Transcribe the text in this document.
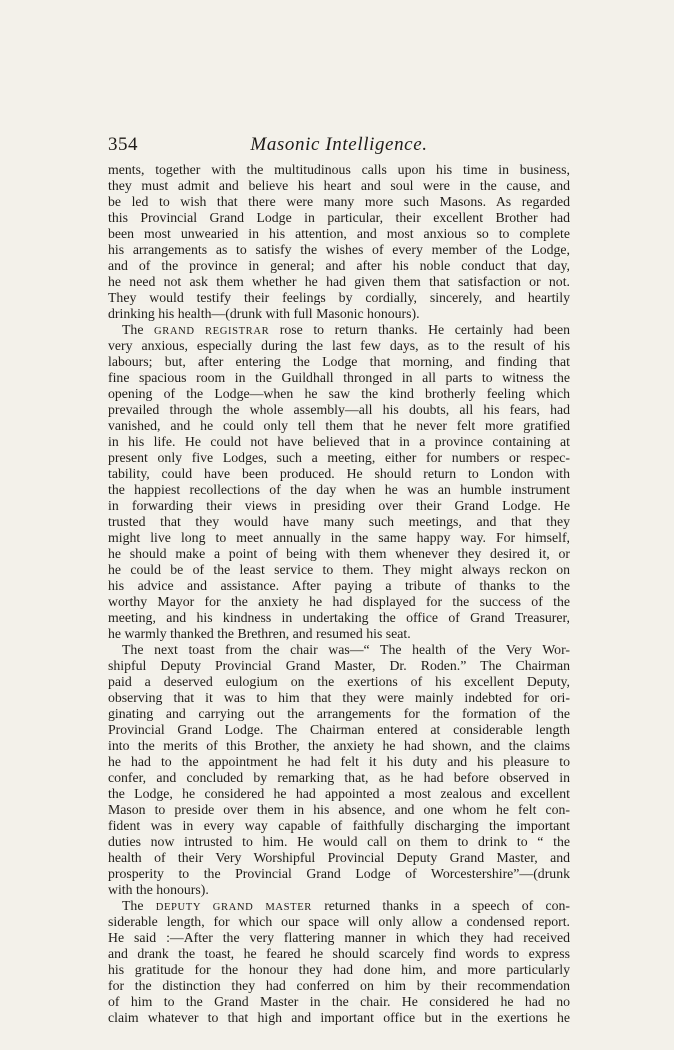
354	Masonic Intelligence.
ments, together with the multitudinous calls upon his time in business,
they must admit and believe his heart and soul were in the cause, and
be led to wish that there were many more such Masons. As regarded
this Provincial Grand Lodge in particular, their excellent Brother had
been most unwearied in his attention, and most anxious so to complete
his arrangements as to satisfy the wishes of every member of the Lodge,
and of the province in general; and after his noble conduct that day,
he need not ask them whether he had given them that satisfaction or not.
They would testify their feelings by cordially, sincerely, and heartily
drinking his health—(drunk with full Masonic honours).
The GRAND REGISTRAR rose to return thanks. He certainly had been
very anxious, especially during the last few days, as to the result of his
labours; but, after entering the Lodge that morning, and finding that
fine spacious room in the Guildhall thronged in all parts to witness the
opening of the Lodge—when he saw the kind brotherly feeling which
prevailed through the whole assembly—all his doubts, all his fears, had
vanished, and he could only tell them that he never felt more gratified
in his life. He could not have believed that in a province containing at
present only five Lodges, such a meeting, either for numbers or respec-
tability, could have been produced. He should return to London with
the happiest recollections of the day when he was an humble instrument
in forwarding their views in presiding over their Grand Lodge. He
trusted that they would have many such meetings, and that they
might live long to meet annually in the same happy way. For himself,
he should make a point of being with them whenever they desired it, or
he could be of the least service to them. They might always reckon on
his advice and assistance. After paying a tribute of thanks to the
worthy Mayor for the anxiety he had displayed for the success of the
meeting, and his kindness in undertaking the office of Grand Treasurer,
he warmly thanked the Brethren, and resumed his seat.
The next toast from the chair was—“ The health of the Very Wor-
shipful Deputy Provincial Grand Master, Dr. Roden.” The Chairman
paid a deserved eulogium on the exertions of his excellent Deputy,
observing that it was to him that they were mainly indebted for ori-
ginating and carrying out the arrangements for the formation of the
Provincial Grand Lodge. The Chairman entered at considerable length
into the merits of this Brother, the anxiety he had shown, and the claims
he had to the appointment he had felt it his duty and his pleasure to
confer, and concluded by remarking that, as he had before observed in
the Lodge, he considered he had appointed a most zealous and excellent
Mason to preside over them in his absence, and one whom he felt con-
fident was in every way capable of faithfully discharging the important
duties now intrusted to him. He would call on them to drink to “ the
health of their Very Worshipful Provincial Deputy Grand Master, and
prosperity to the Provincial Grand Lodge of Worcestershire”—(drunk
with the honours).
The DEPUTY GRAND MASTER returned thanks in a speech of con-
siderable length, for which our space will only allow a condensed report.
He said :—After the very flattering manner in which they had received
and drank the toast, he feared he should scarcely find words to express
his gratitude for the honour they had done him, and more particularly
for the distinction they had conferred on him by their recommendation
of him to the Grand Master in the chair. He considered he had no
claim whatever to that high and important office but in the exertions he
